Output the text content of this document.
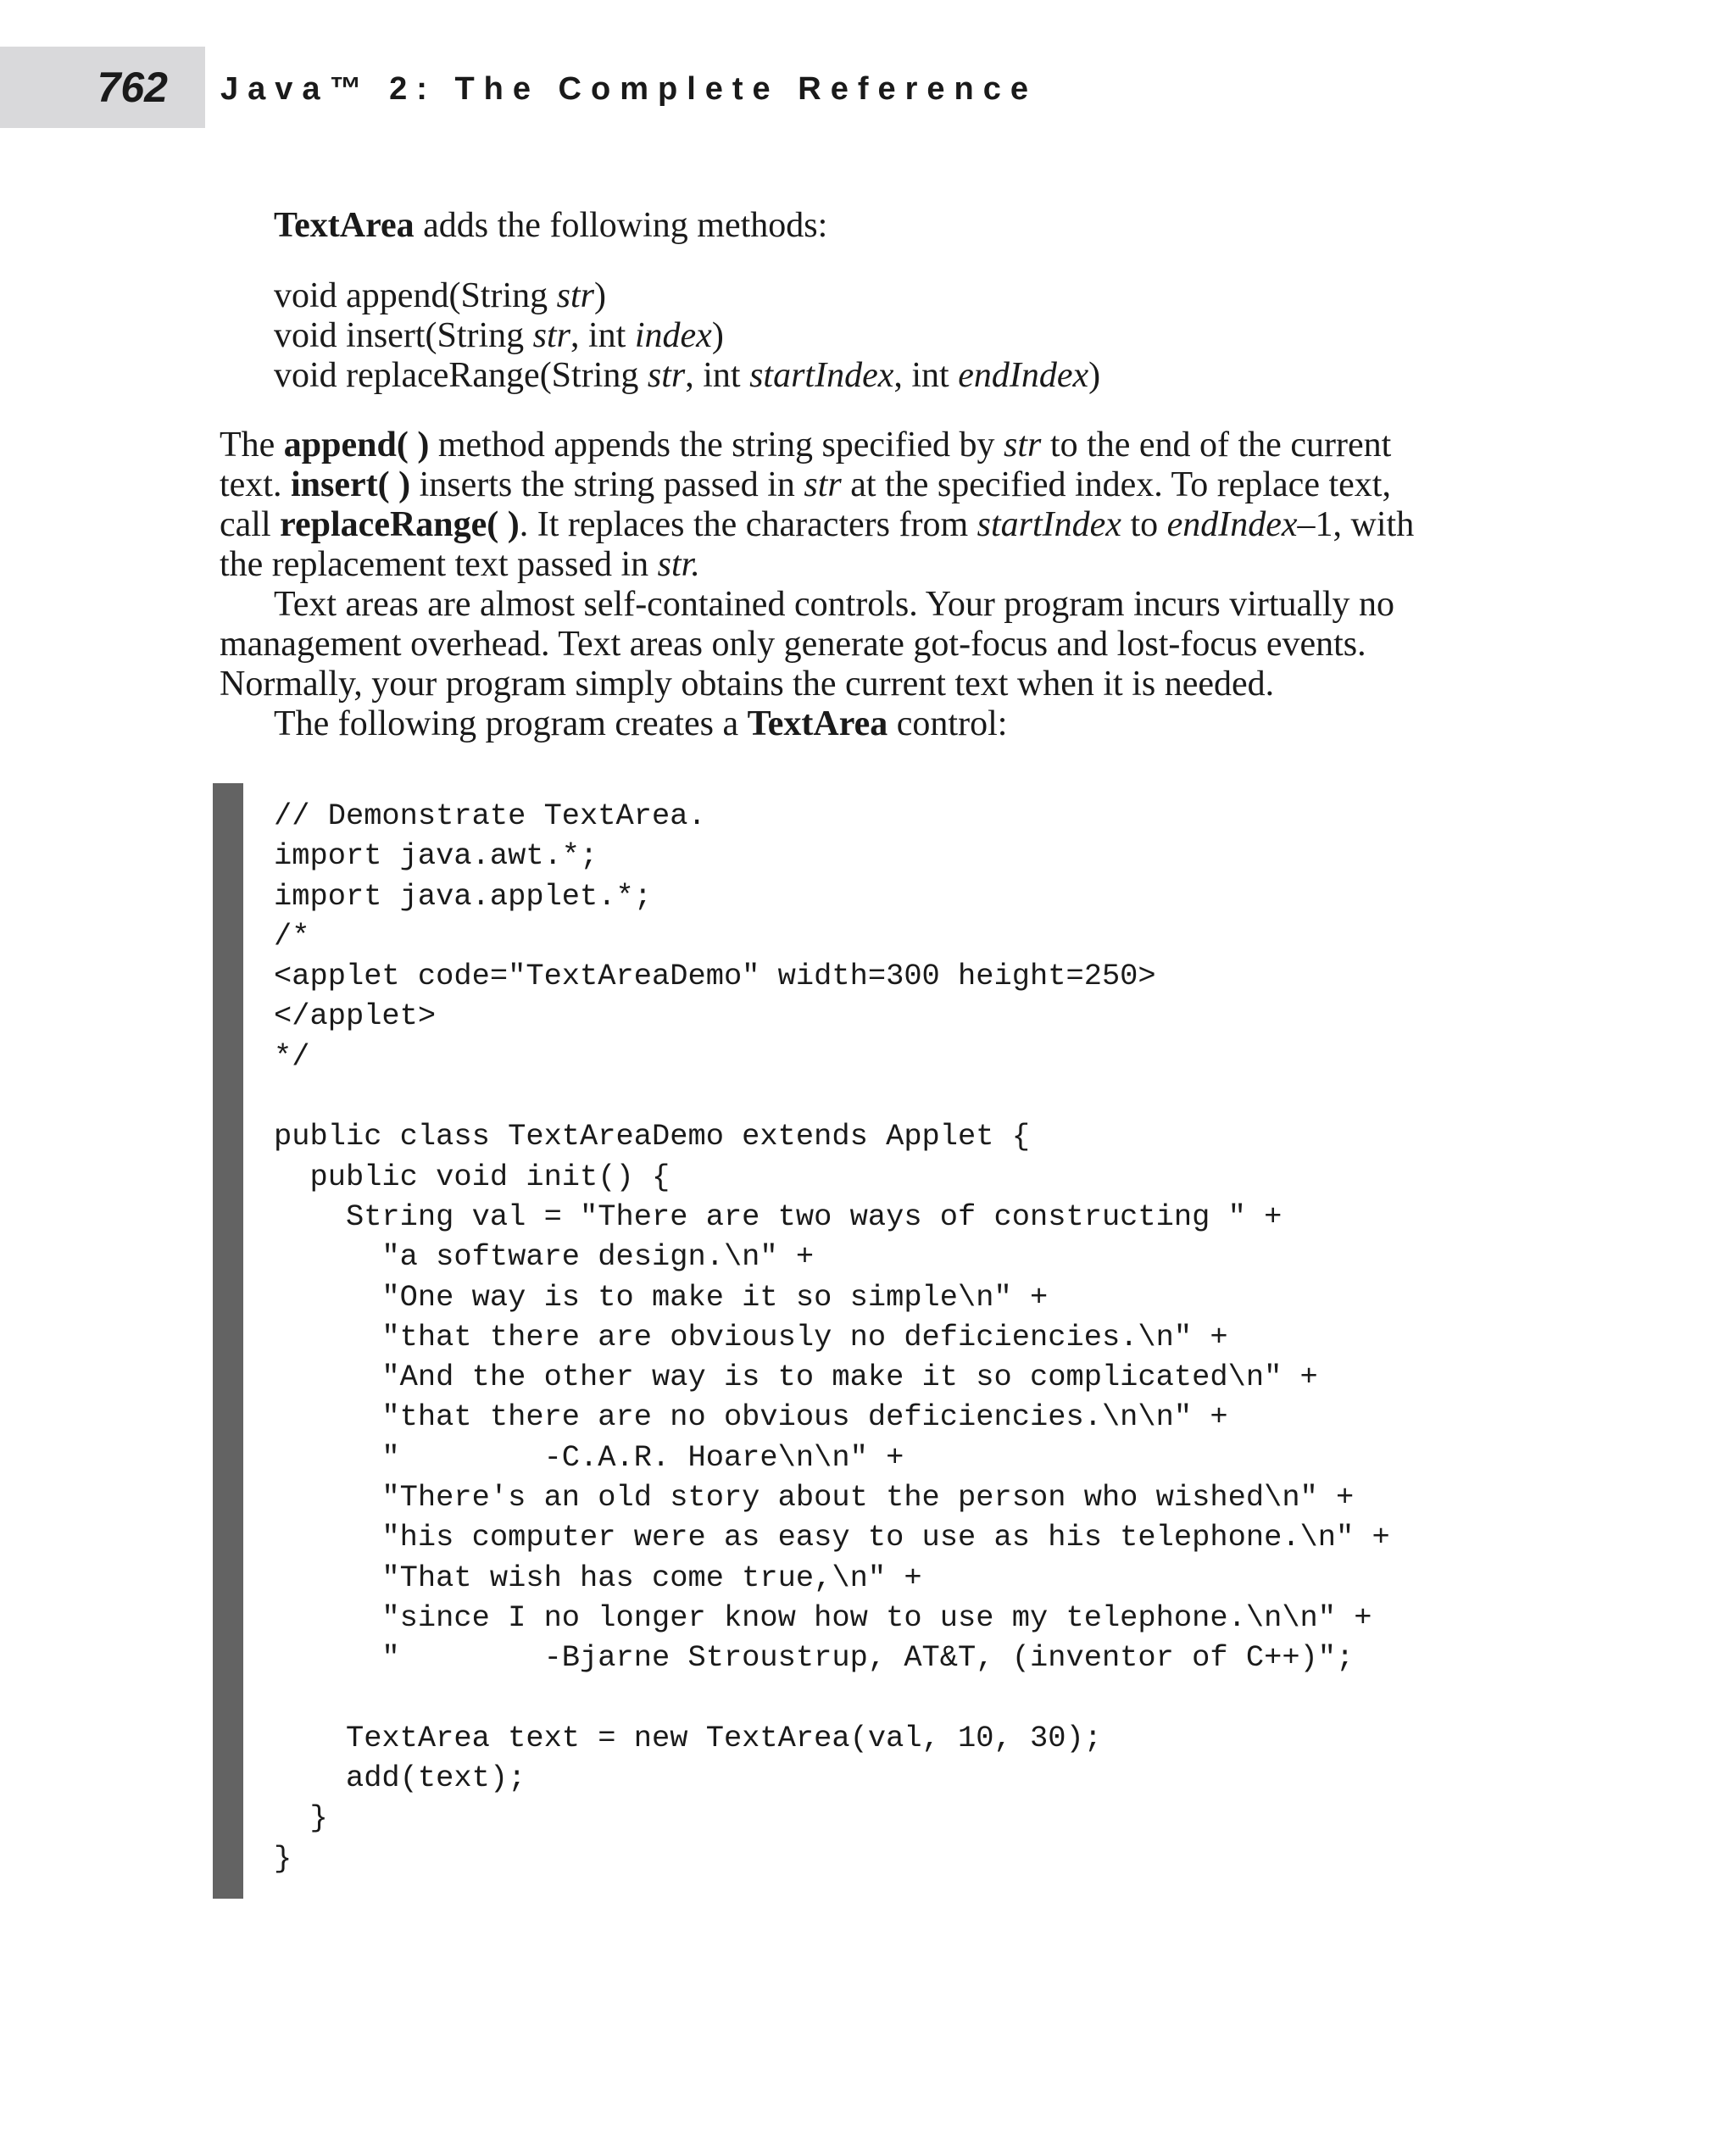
762 Java™ 2: The Complete Reference

TextArea adds the following methods:

void append(String str)
void insert(String str, int index)
void replaceRange(String str, int startIndex, int endIndex)
The append( ) method appends the string specified by str to the end of the current
text. insert( ) inserts the string passed in str at the specified index. To replace text,
call replaceRange( ). It replaces the characters from startIndex to endIndex–1, with
the replacement text passed in str.
Text areas are almost self-contained controls. Your program incurs virtually no
management overhead. Text areas only generate got-focus and lost-focus events.
Normally, your program simply obtains the current text when it is needed.
The following program creates a TextArea control:
// Demonstrate TextArea.
import java.awt.*;
import java.applet.*;
/*
<applet code="TextAreaDemo" width=300 height=250>
</applet>
*/
public class TextAreaDemo extends Applet {
public void init() {
String val = "There are two ways of constructing " +
"a software design.\n" +
"One way is to make it so simple\n" +
"that there are obviously no deficiencies.\n" +
"And the other way is to make it so complicated\n" +
"that there are no obvious deficiencies.\n\n" +
"        -C.A.R. Hoare\n\n" +
"There's an old story about the person who wished\n" +
"his computer were as easy to use as his telephone.\n" +
"That wish has come true,\n" +
"since I no longer know how to use my telephone.\n\n" +
"        -Bjarne Stroustrup, AT&T, (inventor of C++)";
TextArea text = new TextArea(val, 10, 30);
add(text);
}
}
